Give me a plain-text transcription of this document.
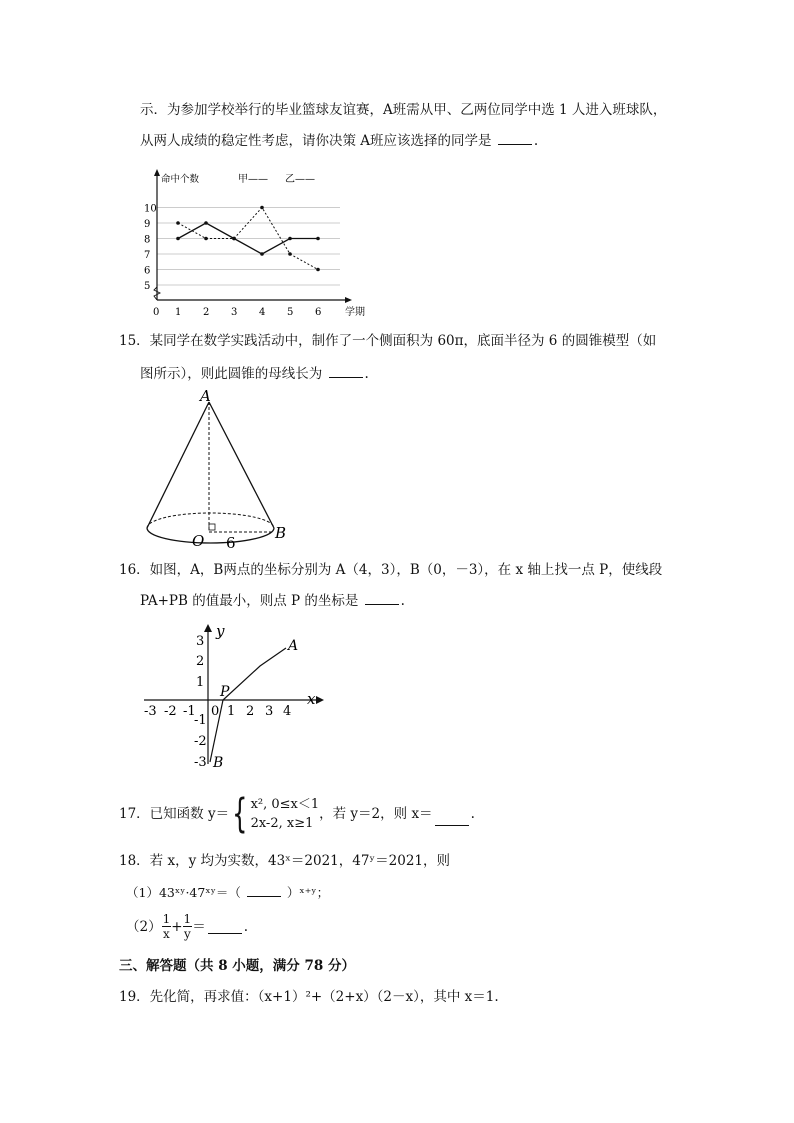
示．为参加学校举行的毕业篮球友谊赛，A班需从甲、乙两位同学中选 1 人进入班球队，
从两人成绩的稳定性考虑，请你决策 A班应该选择的同学是	.
10
9
8
7
6
5
1 2 3 4 5 6
0
命中个数
学期
甲—— 乙——
15．某同学在数学实践活动中，制作了一个侧面积为 60π，底面半径为 6 的圆锥模型（如
图所示），则此圆锥的母线长为	.
A
O 6
B
16．如图，A，B两点的坐标分别为 A（4，3），B（0，－3），在 x 轴上找一点 P，使线段
PA+PB 的值最小，则点 P 的坐标是	.
x
y
-3 -2 -1 0 1 2 3 4
3
2
1
-1
-2
-3
A
B
P
17．已知函数 y＝ { x², 0≤x＜1
2x-2, x≥1
，若 y＝2，则 x＝	.
18．若 x，y 均为实数，43ˣ＝2021，47ʸ＝2021，则
（1）43ˣʸ·47ˣʸ＝（	）ˣ⁺ʸ；
$(2) \frac{1}{x} + \frac{1}{y}$ ＝	.
三、解答题（共 8 小题，满分 78 分）
19．先化简，再求值：（x+1）²+（2+x）（2－x），其中 x＝1.
